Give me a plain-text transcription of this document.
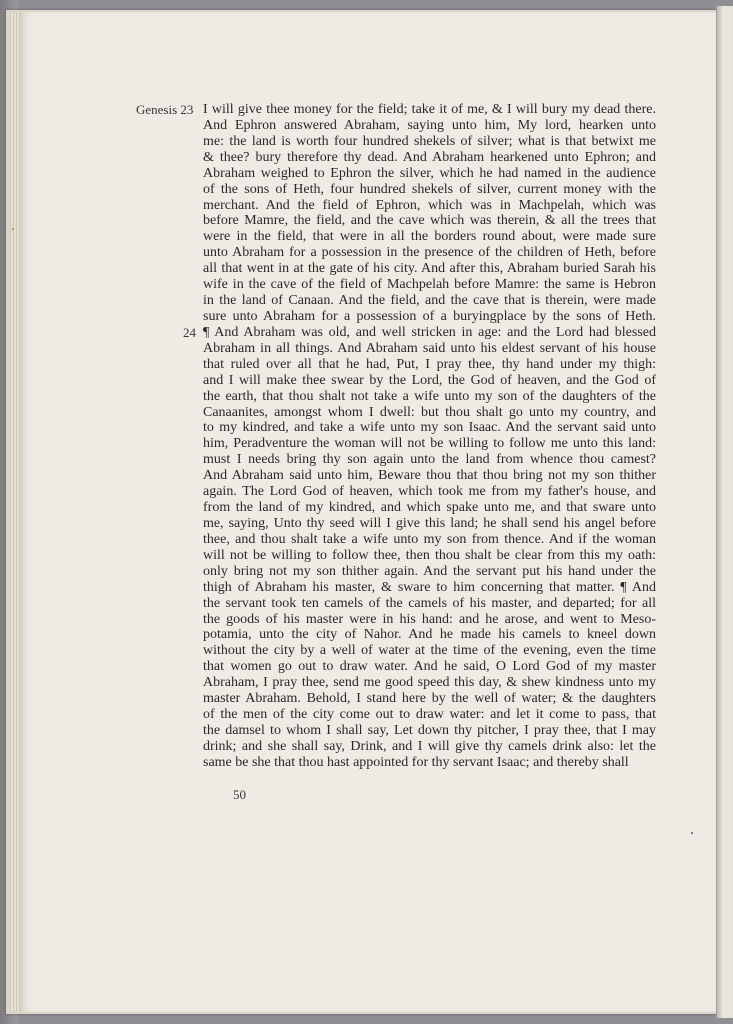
Genesis 23
24
I will give thee money for the field; take it of me, & I will bury my dead there.
And Ephron answered Abraham, saying unto him, My lord, hearken unto
me: the land is worth four hundred shekels of silver; what is that betwixt me
& thee? bury therefore thy dead. And Abraham hearkened unto Ephron; and
Abraham weighed to Ephron the silver, which he had named in the audience
of the sons of Heth, four hundred shekels of silver, current money with the
merchant. And the field of Ephron, which was in Machpelah, which was
before Mamre, the field, and the cave which was therein, & all the trees that
were in the field, that were in all the borders round about, were made sure
unto Abraham for a possession in the presence of the children of Heth, before
all that went in at the gate of his city. And after this, Abraham buried Sarah his
wife in the cave of the field of Machpelah before Mamre: the same is Hebron
in the land of Canaan. And the field, and the cave that is therein, were made
sure unto Abraham for a possession of a buryingplace by the sons of Heth.
¶ And Abraham was old, and well stricken in age: and the Lord had blessed
Abraham in all things. And Abraham said unto his eldest servant of his house
that ruled over all that he had, Put, I pray thee, thy hand under my thigh:
and I will make thee swear by the Lord, the God of heaven, and the God of
the earth, that thou shalt not take a wife unto my son of the daughters of the
Canaanites, amongst whom I dwell: but thou shalt go unto my country, and
to my kindred, and take a wife unto my son Isaac. And the servant said unto
him, Peradventure the woman will not be willing to follow me unto this land:
must I needs bring thy son again unto the land from whence thou camest?
And Abraham said unto him, Beware thou that thou bring not my son thither
again. The Lord God of heaven, which took me from my father's house, and
from the land of my kindred, and which spake unto me, and that sware unto
me, saying, Unto thy seed will I give this land; he shall send his angel before
thee, and thou shalt take a wife unto my son from thence. And if the woman
will not be willing to follow thee, then thou shalt be clear from this my oath:
only bring not my son thither again. And the servant put his hand under the
thigh of Abraham his master, & sware to him concerning that matter. ¶ And
the servant took ten camels of the camels of his master, and departed; for all
the goods of his master were in his hand: and he arose, and went to Meso-
potamia, unto the city of Nahor. And he made his camels to kneel down
without the city by a well of water at the time of the evening, even the time
that women go out to draw water. And he said, O Lord God of my master
Abraham, I pray thee, send me good speed this day, & shew kindness unto my
master Abraham. Behold, I stand here by the well of water; & the daughters
of the men of the city come out to draw water: and let it come to pass, that
the damsel to whom I shall say, Let down thy pitcher, I pray thee, that I may
drink; and she shall say, Drink, and I will give thy camels drink also: let the
same be she that thou hast appointed for thy servant Isaac; and thereby shall
50
